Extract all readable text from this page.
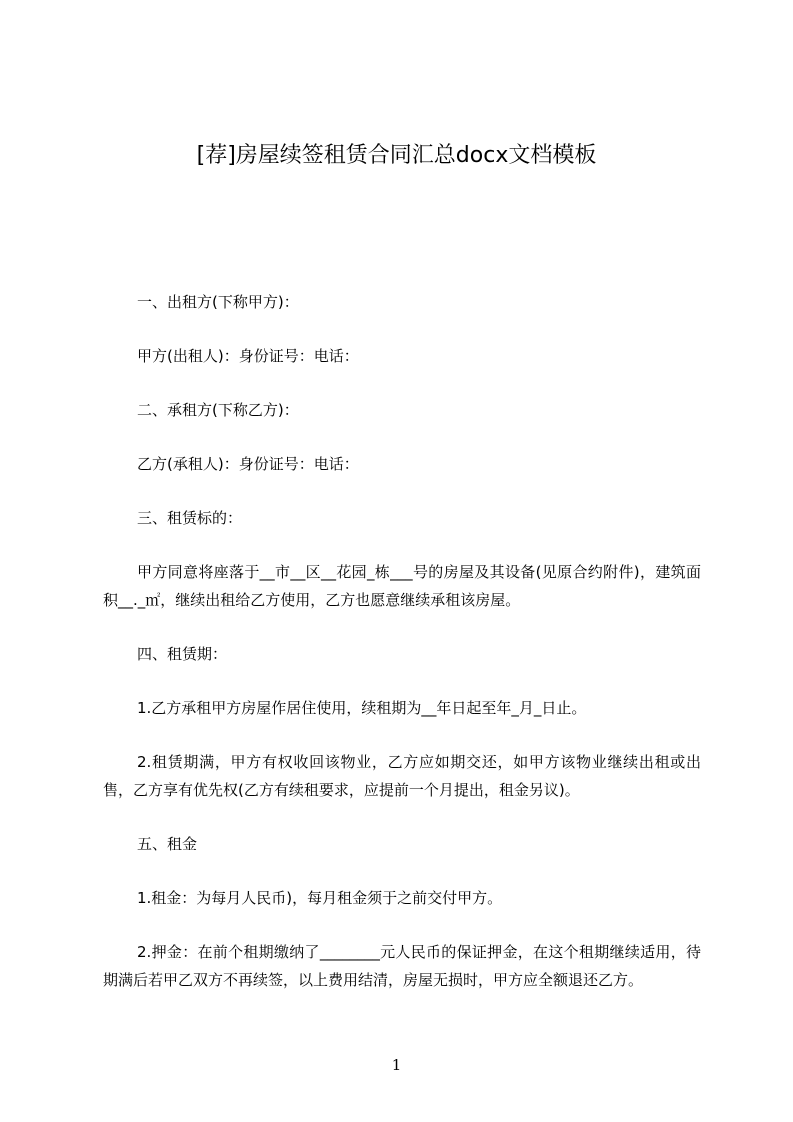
[荐]房屋续签租赁合同汇总docx文档模板

一、出租方(下称甲方)：

甲方(出租人)：身份证号：电话：

二、承租方(下称乙方)：

乙方(承租人)：身份证号：电话：

三、租赁标的：

甲方同意将座落于__市__区__花园_栋___号的房屋及其设备(见原合约附件)，建筑面积__._㎡，继续出租给乙方使用，乙方也愿意继续承租该房屋。

四、租赁期：

1.乙方承租甲方房屋作居住使用，续租期为__年日起至年_月_日止。

2.租赁期满，甲方有权收回该物业，乙方应如期交还，如甲方该物业继续出租或出售，乙方享有优先权(乙方有续租要求，应提前一个月提出，租金另议)。

五、租金

1.租金：为每月人民币)，每月租金须于之前交付甲方。

2.押金：在前个租期缴纳了________元人民币的保证押金，在这个租期继续适用，待期满后若甲乙双方不再续签，以上费用结清，房屋无损时，甲方应全额退还乙方。

1
